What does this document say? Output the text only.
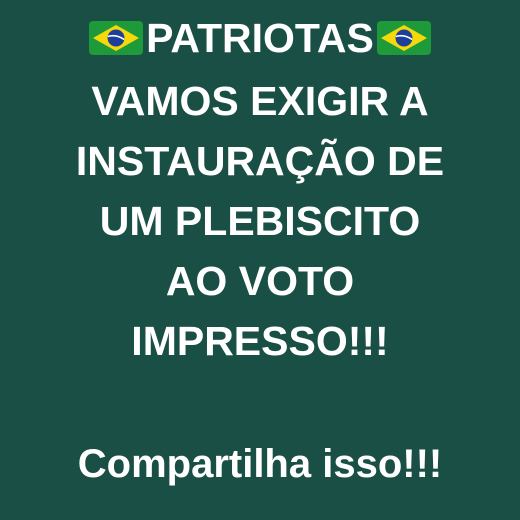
PATRIOTAS
VAMOS EXIGIR A
INSTAURAÇÃO DE
UM PLEBISCITO
AO VOTO
IMPRESSO!!!
Compartilha isso!!!
